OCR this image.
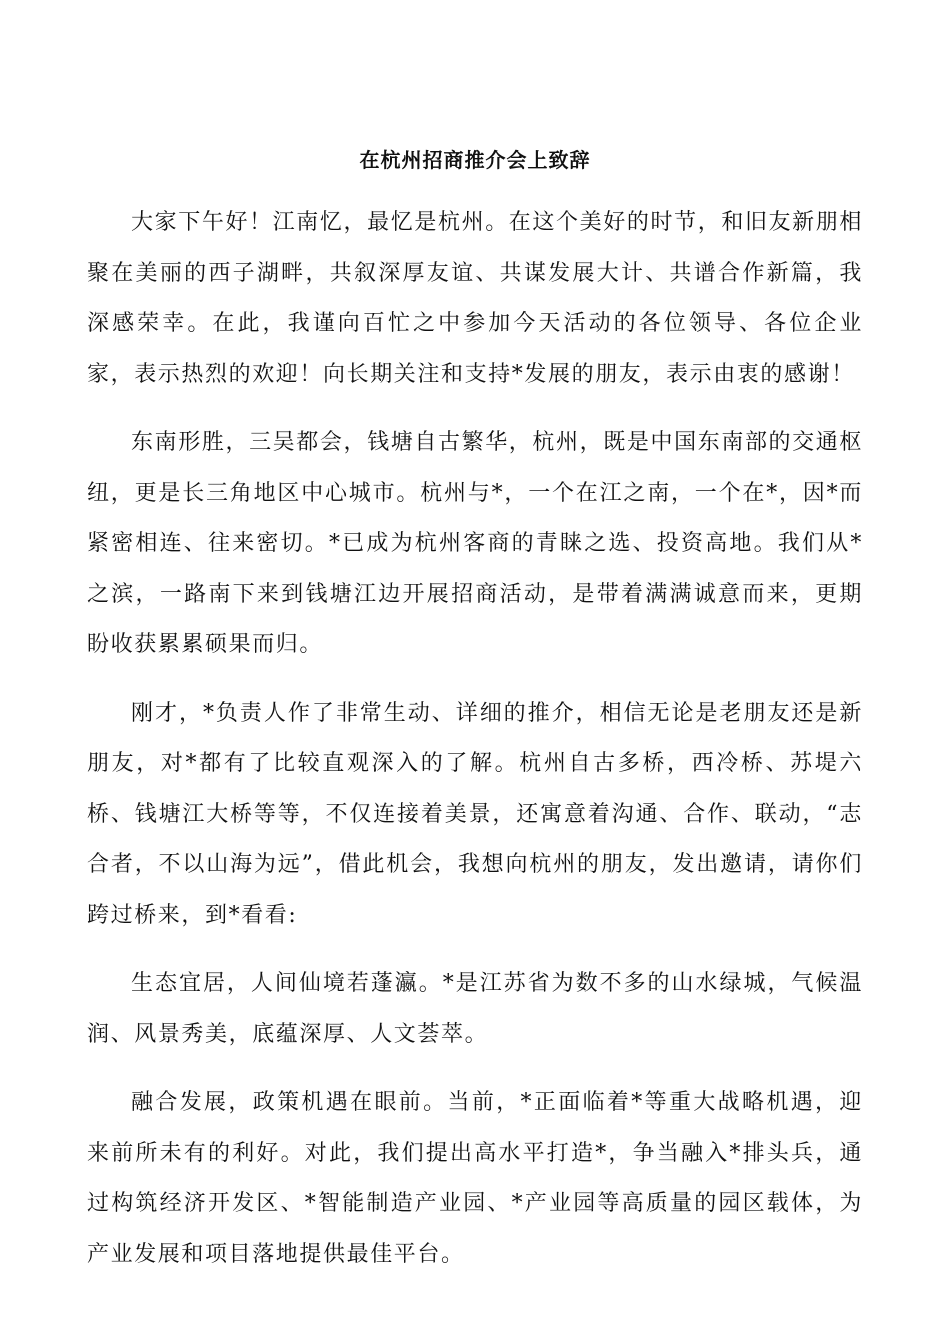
在杭州招商推介会上致辞

大家下午好！江南忆，最忆是杭州。在这个美好的时节，和旧友新朋相聚在美丽的西子湖畔，共叙深厚友谊、共谋发展大计、共谱合作新篇，我深感荣幸。在此，我谨向百忙之中参加今天活动的各位领导、各位企业家，表示热烈的欢迎！向长期关注和支持*发展的朋友，表示由衷的感谢！

东南形胜，三吴都会，钱塘自古繁华，杭州，既是中国东南部的交通枢纽，更是长三角地区中心城市。杭州与*，一个在江之南，一个在*，因*而紧密相连、往来密切。*已成为杭州客商的青睐之选、投资高地。我们从*之滨，一路南下来到钱塘江边开展招商活动，是带着满满诚意而来，更期盼收获累累硕果而归。

刚才，*负责人作了非常生动、详细的推介，相信无论是老朋友还是新朋友，对*都有了比较直观深入的了解。杭州自古多桥，西冷桥、苏堤六桥、钱塘江大桥等等，不仅连接着美景，还寓意着沟通、合作、联动，“志合者，不以山海为远”，借此机会，我想向杭州的朋友，发出邀请，请你们跨过桥来，到*看看:

生态宜居，人间仙境若蓬瀛。*是江苏省为数不多的山水绿城，气候温润、风景秀美，底蕴深厚、人文荟萃。

融合发展，政策机遇在眼前。当前，*正面临着*等重大战略机遇，迎来前所未有的利好。对此，我们提出高水平打造*，争当融入*排头兵，通过构筑经济开发区、*智能制造产业园、*产业园等高质量的园区载体，为产业发展和项目落地提供最佳平台。
